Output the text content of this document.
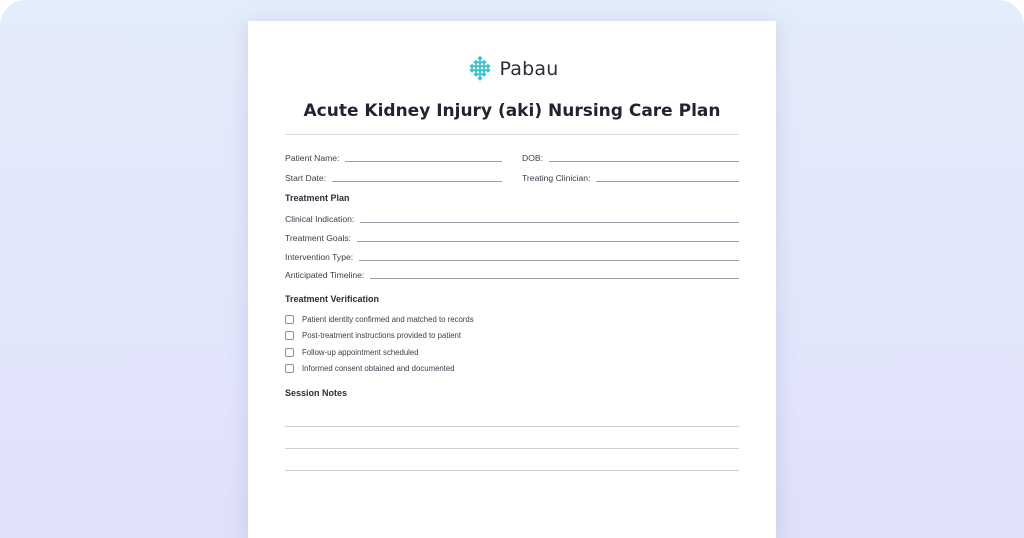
Pabau
Acute Kidney Injury (aki) Nursing Care Plan
Patient Name:	DOB:
Start Date:	Treating Clinician:
Treatment Plan
Clinical Indication:
Treatment Goals:
Intervention Type:
Anticipated Timeline:
Treatment Verification
Patient identity confirmed and matched to records
Post-treatment instructions provided to patient
Follow-up appointment scheduled
Informed consent obtained and documented
Session Notes
